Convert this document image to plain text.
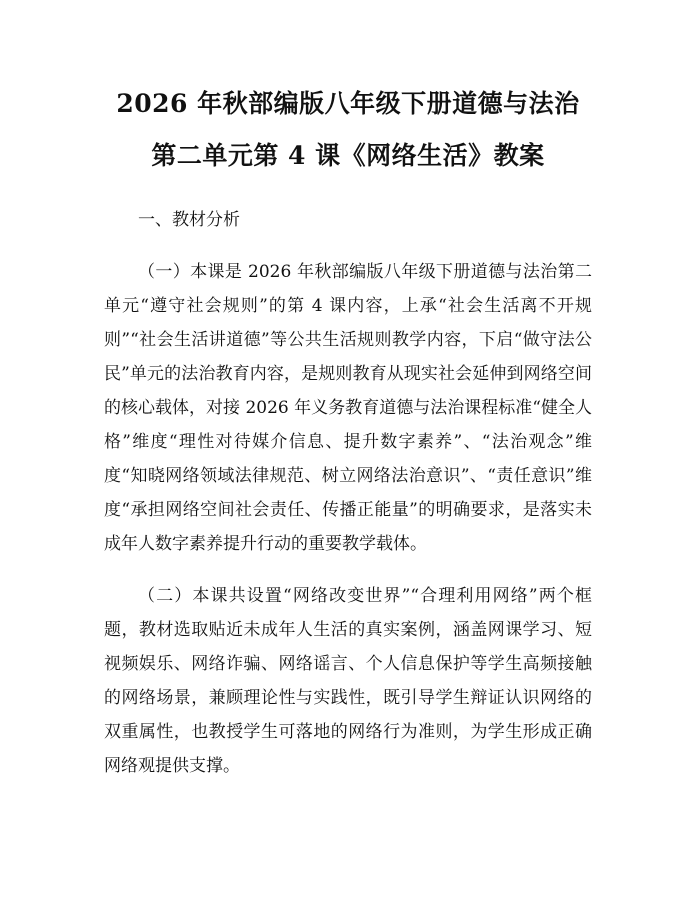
2026 年秋部编版八年级下册道德与法治第二单元第 4 课《网络生活》教案
一、教材分析

（一）本课是 2026 年秋部编版八年级下册道德与法治第二单元“遵守社会规则”的第 4 课内容，上承“社会生活离不开规则”“社会生活讲道德”等公共生活规则教学内容，下启“做守法公民”单元的法治教育内容，是规则教育从现实社会延伸到网络空间的核心载体，对接 2026 年义务教育道德与法治课程标准“健全人格”维度“理性对待媒介信息、提升数字素养”、“法治观念”维度“知晓网络领域法律规范、树立网络法治意识”、“责任意识”维度“承担网络空间社会责任、传播正能量”的明确要求，是落实未成年人数字素养提升行动的重要教学载体。

（二）本课共设置“网络改变世界”“合理利用网络”两个框题，教材选取贴近未成年人生活的真实案例，涵盖网课学习、短视频娱乐、网络诈骗、网络谣言、个人信息保护等学生高频接触的网络场景，兼顾理论性与实践性，既引导学生辩证认识网络的双重属性，也教授学生可落地的网络行为准则，为学生形成正确网络观提供支撑。
